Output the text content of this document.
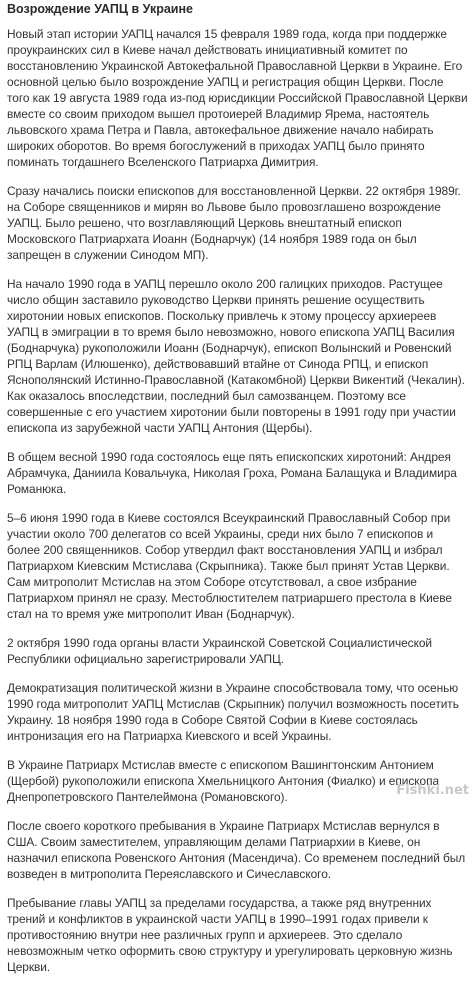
Возрождение УАПЦ в Украине

Новый этап истории УАПЦ начался 15 февраля 1989 года, когда при поддержке проукраинских сил в Киеве начал действовать инициативный комитет по восстановлению Украинской Автокефальной Православной Церкви в Украине. Его основной целью было возрождение УАПЦ и регистрация общин Церкви. После того как 19 августа 1989 года из-под юрисдикции Российской Православной Церкви вместе со своим приходом вышел протоиерей Владимир Ярема, настоятель львовского храма Петра и Павла, автокефальное движение начало набирать широких оборотов. Во время богослужений в приходах УАПЦ было принято поминать тогдашнего Вселенского Патриарха Димитрия.

Сразу начались поиски епископов для восстановленной Церкви. 22 октября 1989г. на Соборе священников и мирян во Львове было провозглашено возрождение УАПЦ. Было решено, что возглавляющий Церковь внештатный епископ Московского Патриархата Иоанн (Боднарчук) (14 ноября 1989 года он был запрещен в служении Синодом МП).

На начало 1990 года в УАПЦ перешло около 200 галицких приходов. Растущее число общин заставило руководство Церкви принять решение осуществить хиротонии новых епископов. Поскольку привлечь к этому процессу архиереев УАПЦ в эмиграции в то время было невозможно, нового епископа УАПЦ Василия (Боднарчука) рукоположили Иоанн (Боднарчук), епископ Волынский и Ровенский РПЦ Варлам (Илюшенко), действовавший втайне от Синода РПЦ, и епископ Яснополянский Истинно-Православной (Катакомбной) Церкви Викентий (Чекалин). Как оказалось впоследствии, последний был самозванцем. Поэтому все совершенные с его участием хиротонии были повторены в 1991 году при участии епископа из зарубежной части УАПЦ Антония (Щербы).

В общем весной 1990 года состоялось еще пять епископских хиротоний: Андрея Абрамчука, Даниила Ковальчука, Николая Гроха, Романа Балащука и Владимира Романюка.

5–6 июня 1990 года в Киеве состоялся Всеукраинский Православный Собор при участии около 700 делегатов со всей Украины, среди них было 7 епископов и более 200 священников. Собор утвердил факт восстановления УАПЦ и избрал Патриархом Киевским Мстислава (Скрыпника). Также был принят Устав Церкви. Сам митрополит Мстислав на этом Соборе отсутствовал, а свое избрание Патриархом принял не сразу. Местоблюстителем патриаршего престола в Киеве стал на то время уже митрополит Иван (Боднарчук).

2 октября 1990 года органы власти Украинской Советской Социалистической Республики официально зарегистрировали УАПЦ.

Демократизация политической жизни в Украине способствовала тому, что осенью 1990 года митрополит УАПЦ Мстислав (Скрыпник) получил возможность посетить Украину. 18 ноября 1990 года в Соборе Святой Софии в Киеве состоялась интронизация его на Патриарха Киевского и всей Украины.

В Украине Патриарх Мстислав вместе с епископом Вашингтонским Антонием (Щербой) рукоположили епископа Хмельницкого Антония (Фиалко) и епископа Днепропетровского Пантелеймона (Романовского).

После своего короткого пребывания в Украине Патриарх Мстислав вернулся в США. Своим заместителем, управляющим делами Патриархии в Киеве, он назначил епископа Ровенского Антония (Масендича). Со временем последний был возведен в митрополита Переяславского и Сичеславского.

Пребывание главы УАПЦ за пределами государства, а также ряд внутренних трений и конфликтов в украинской части УАПЦ в 1990–1991 годах привели к противостоянию внутри нее различных групп и архиереев. Это сделало невозможным четко оформить свою структуру и урегулировать церковную жизнь Церкви.

Fishki.net
